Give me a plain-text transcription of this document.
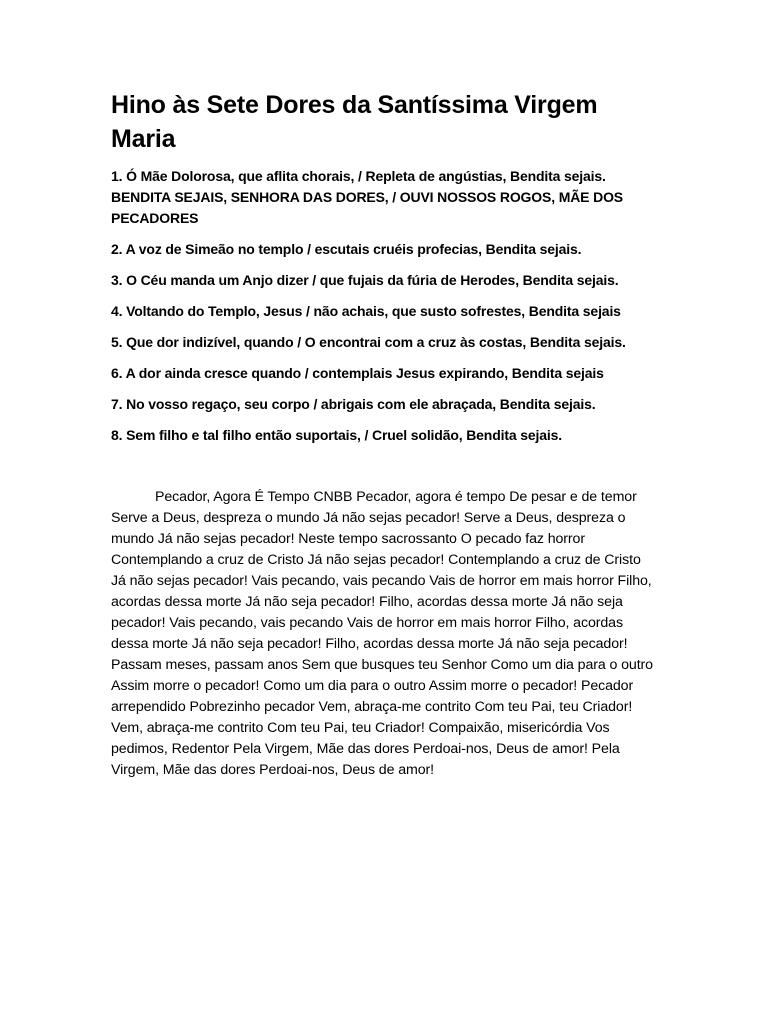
Hino às Sete Dores da Santíssima Virgem Maria

1. Ó Mãe Dolorosa, que aflita chorais, / Repleta de angústias, Bendita sejais.
BENDITA SEJAIS, SENHORA DAS DORES, / OUVI NOSSOS ROGOS, MÃE DOS PECADORES

2. A voz de Simeão no templo / escutais cruéis profecias, Bendita sejais.

3. O Céu manda um Anjo dizer / que fujais da fúria de Herodes, Bendita sejais.

4. Voltando do Templo, Jesus / não achais, que susto sofrestes, Bendita sejais

5. Que dor indizível, quando / O encontrai com a cruz às costas, Bendita sejais.

6. A dor ainda cresce quando / contemplais Jesus expirando, Bendita sejais

7. No vosso regaço, seu corpo / abrigais com ele abraçada, Bendita sejais.

8. Sem filho e tal filho então suportais, / Cruel solidão, Bendita sejais.

Pecador, Agora É Tempo CNBB Pecador, agora é tempo De pesar e de temor Serve a Deus, despreza o mundo Já não sejas pecador! Serve a Deus, despreza o mundo Já não sejas pecador! Neste tempo sacrossanto O pecado faz horror Contemplando a cruz de Cristo Já não sejas pecador! Contemplando a cruz de Cristo Já não sejas pecador! Vais pecando, vais pecando Vais de horror em mais horror Filho, acordas dessa morte Já não seja pecador! Filho, acordas dessa morte Já não seja pecador! Vais pecando, vais pecando Vais de horror em mais horror Filho, acordas dessa morte Já não seja pecador! Filho, acordas dessa morte Já não seja pecador! Passam meses, passam anos Sem que busques teu Senhor Como um dia para o outro Assim morre o pecador! Como um dia para o outro Assim morre o pecador! Pecador arrependido Pobrezinho pecador Vem, abraça-me contrito Com teu Pai, teu Criador! Vem, abraça-me contrito Com teu Pai, teu Criador! Compaixão, misericórdia Vos pedimos, Redentor Pela Virgem, Mãe das dores Perdoai-nos, Deus de amor! Pela Virgem, Mãe das dores Perdoai-nos, Deus de amor!
